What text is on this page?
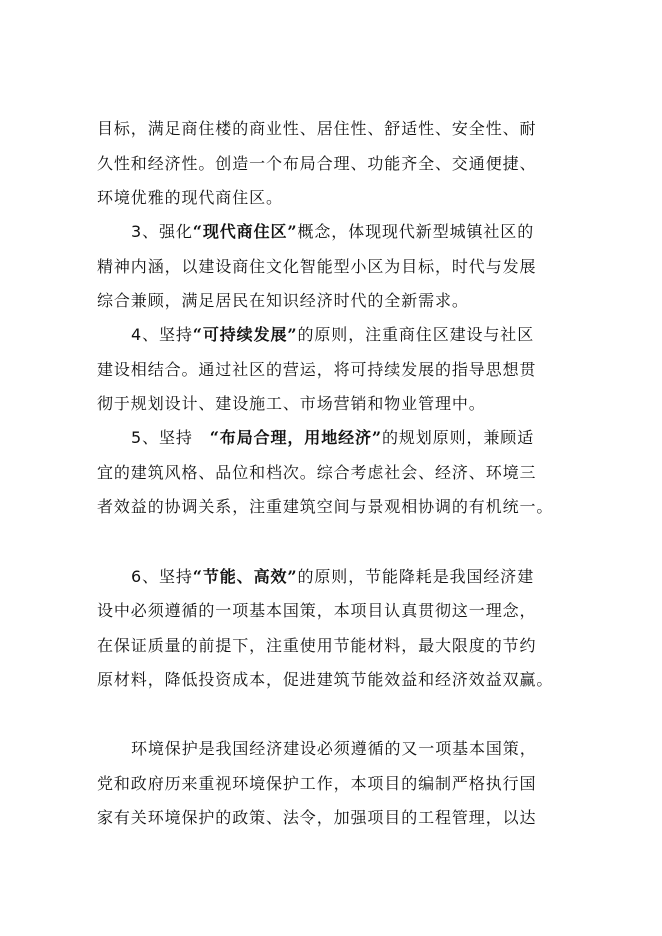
目标，满足商住楼的商业性、居住性、舒适性、安全性、耐
久性和经济性。创造一个布局合理、功能齐全、交通便捷、
环境优雅的现代商住区。
3、强化“现代商住区”概念，体现现代新型城镇社区的
精神内涵，以建设商住文化智能型小区为目标，时代与发展
综合兼顾，满足居民在知识经济时代的全新需求。
4、坚持“可持续发展”的原则，注重商住区建设与社区
建设相结合。通过社区的营运，将可持续发展的指导思想贯
彻于规划设计、建设施工、市场营销和物业管理中。
5、坚持　“布局合理，用地经济”的规划原则，兼顾适
宜的建筑风格、品位和档次。综合考虑社会、经济、环境三
者效益的协调关系，注重建筑空间与景观相协调的有机统一。
6、坚持“节能、高效”的原则，节能降耗是我国经济建
设中必须遵循的一项基本国策，本项目认真贯彻这一理念，
在保证质量的前提下，注重使用节能材料，最大限度的节约
原材料，降低投资成本，促进建筑节能效益和经济效益双赢。
环境保护是我国经济建设必须遵循的又一项基本国策，
党和政府历来重视环境保护工作，本项目的编制严格执行国
家有关环境保护的政策、法令，加强项目的工程管理，以达
